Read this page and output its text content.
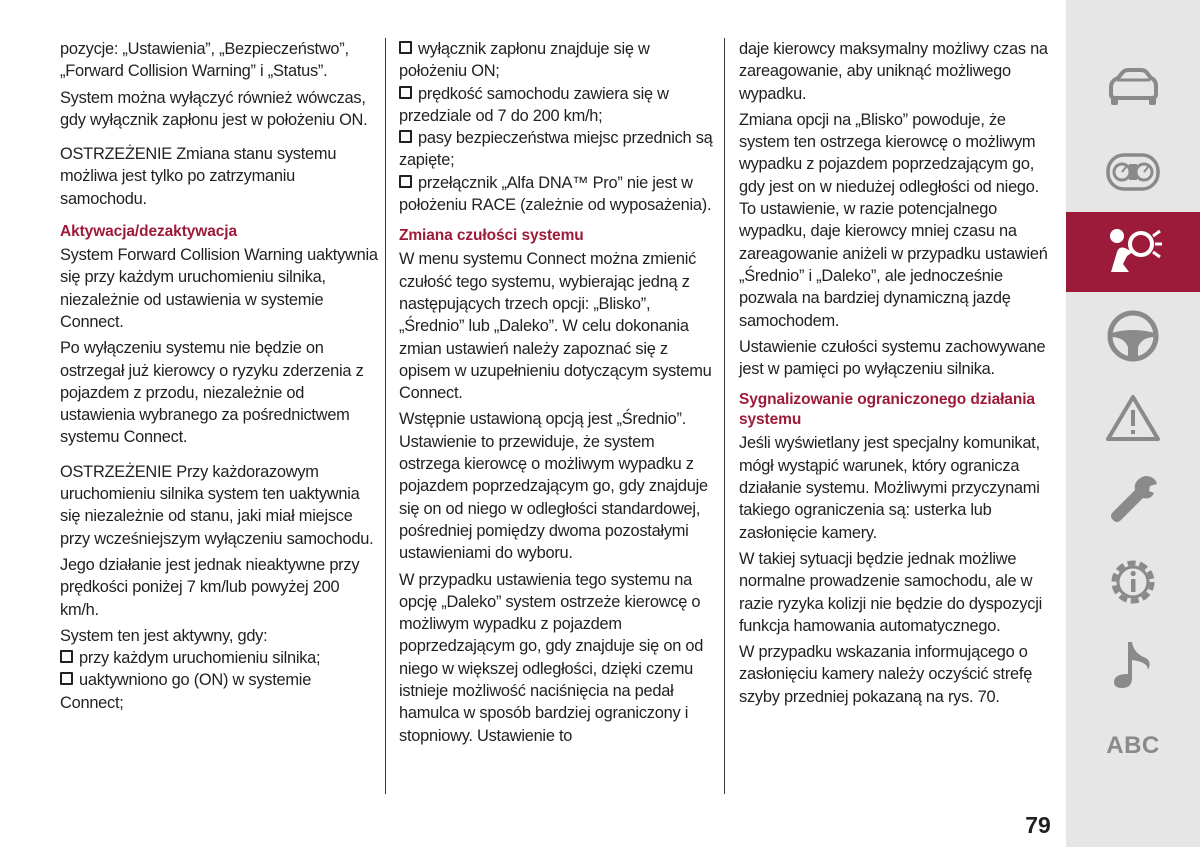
pozycje: „Ustawienia”, „Bezpieczeństwo”, „Forward Collision Warning” i „Status”.

System można wyłączyć również wówczas, gdy wyłącznik zapłonu jest w położeniu ON.

OSTRZEŻENIE Zmiana stanu systemu możliwa jest tylko po zatrzymaniu samochodu.

Aktywacja/dezaktywacja

System Forward Collision Warning uaktywnia się przy każdym uruchomieniu silnika, niezależnie od ustawienia w systemie Connect.

Po wyłączeniu systemu nie będzie on ostrzegał już kierowcy o ryzyku zderzenia z pojazdem z przodu, niezależnie od ustawienia wybranego za pośrednictwem systemu Connect.

OSTRZEŻENIE Przy każdorazowym uruchomieniu silnika system ten uaktywnia się niezależnie od stanu, jaki miał miejsce przy wcześniejszym wyłączeniu samochodu.

Jego działanie jest jednak nieaktywne przy prędkości poniżej 7 km/lub powyżej 200 km/h.

System ten jest aktywny, gdy:

przy każdym uruchomieniu silnika;
uaktywniono go (ON) w systemie Connect;
wyłącznik zapłonu znajduje się w położeniu ON;
prędkość samochodu zawiera się w przedziale od 7 do 200 km/h;
pasy bezpieczeństwa miejsc przednich są zapięte;
przełącznik „Alfa DNA™ Pro” nie jest w położeniu RACE (zależnie od wyposażenia).
Zmiana czułości systemu

W menu systemu Connect można zmienić czułość tego systemu, wybierając jedną z następujących trzech opcji: „Blisko”, „Średnio” lub „Daleko”. W celu dokonania zmian ustawień należy zapoznać się z opisem w uzupełnieniu dotyczącym systemu Connect.

Wstępnie ustawioną opcją jest „Średnio”. Ustawienie to przewiduje, że system ostrzega kierowcę o możliwym wypadku z pojazdem poprzedzającym go, gdy znajduje się on od niego w odległości standardowej, pośredniej pomiędzy dwoma pozostałymi ustawieniami do wyboru.

W przypadku ustawienia tego systemu na opcję „Daleko” system ostrzeże kierowcę o możliwym wypadku z pojazdem poprzedzającym go, gdy znajduje się on od niego w większej odległości, dzięki czemu istnieje możliwość naciśnięcia na pedał hamulca w sposób bardziej ograniczony i stopniowy. Ustawienie to

daje kierowcy maksymalny możliwy czas na zareagowanie, aby uniknąć możliwego wypadku.

Zmiana opcji na „Blisko” powoduje, że system ten ostrzega kierowcę o możliwym wypadku z pojazdem poprzedzającym go, gdy jest on w niedużej odległości od niego. To ustawienie, w razie potencjalnego wypadku, daje kierowcy mniej czasu na zareagowanie aniżeli w przypadku ustawień „Średnio” i „Daleko”, ale jednocześnie pozwala na bardziej dynamiczną jazdę samochodem.

Ustawienie czułości systemu zachowywane jest w pamięci po wyłączeniu silnika.

Sygnalizowanie ograniczonego działania systemu

Jeśli wyświetlany jest specjalny komunikat, mógł wystąpić warunek, który ogranicza działanie systemu. Możliwymi przyczynami takiego ograniczenia są: usterka lub zasłonięcie kamery.

W takiej sytuacji będzie jednak możliwe normalne prowadzenie samochodu, ale w razie ryzyka kolizji nie będzie do dyspozycji funkcja hamowania automatycznego.

W przypadku wskazania informującego o zasłonięciu kamery należy oczyścić strefę szyby przedniej pokazaną na rys. 70.

79
ABC
